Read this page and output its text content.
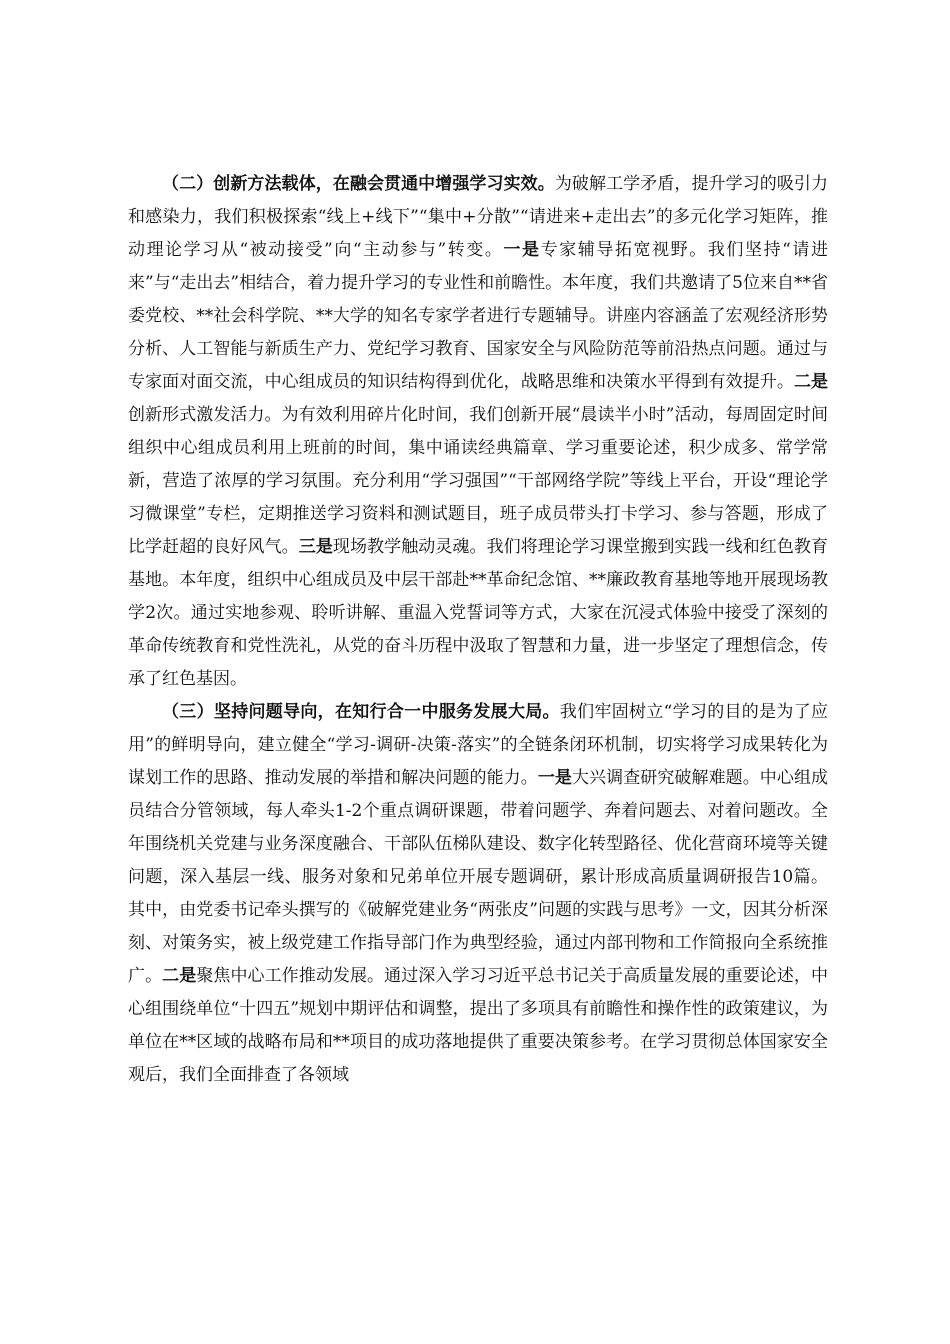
（二）创新方法载体，在融会贯通中增强学习实效。为破解工学矛盾，提升学习的吸引力和感染力，我们积极探索“线上+线下”“集中+分散”“请进来+走出去”的多元化学习矩阵，推动理论学习从“被动接受”向“主动参与”转变。一是专家辅导拓宽视野。我们坚持“请进来”与“走出去”相结合，着力提升学习的专业性和前瞻性。本年度，我们共邀请了5位来自**省委党校、**社会科学院、**大学的知名专家学者进行专题辅导。讲座内容涵盖了宏观经济形势分析、人工智能与新质生产力、党纪学习教育、国家安全与风险防范等前沿热点问题。通过与专家面对面交流，中心组成员的知识结构得到优化，战略思维和决策水平得到有效提升。二是创新形式激发活力。为有效利用碎片化时间，我们创新开展“晨读半小时”活动，每周固定时间组织中心组成员利用上班前的时间，集中诵读经典篇章、学习重要论述，积少成多、常学常新，营造了浓厚的学习氛围。充分利用“学习强国”“干部网络学院”等线上平台，开设“理论学习微课堂”专栏，定期推送学习资料和测试题目，班子成员带头打卡学习、参与答题，形成了比学赶超的良好风气。三是现场教学触动灵魂。我们将理论学习课堂搬到实践一线和红色教育基地。本年度，组织中心组成员及中层干部赴**革命纪念馆、**廉政教育基地等地开展现场教学2次。通过实地参观、聆听讲解、重温入党誓词等方式，大家在沉浸式体验中接受了深刻的革命传统教育和党性洗礼，从党的奋斗历程中汲取了智慧和力量，进一步坚定了理想信念，传承了红色基因。

（三）坚持问题导向，在知行合一中服务发展大局。我们牢固树立“学习的目的是为了应用”的鲜明导向，建立健全“学习-调研-决策-落实”的全链条闭环机制，切实将学习成果转化为谋划工作的思路、推动发展的举措和解决问题的能力。一是大兴调查研究破解难题。中心组成员结合分管领域，每人牵头1-2个重点调研课题，带着问题学、奔着问题去、对着问题改。全年围绕机关党建与业务深度融合、干部队伍梯队建设、数字化转型路径、优化营商环境等关键问题，深入基层一线、服务对象和兄弟单位开展专题调研，累计形成高质量调研报告10篇。其中，由党委书记牵头撰写的《破解党建业务“两张皮”问题的实践与思考》一文，因其分析深刻、对策务实，被上级党建工作指导部门作为典型经验，通过内部刊物和工作简报向全系统推广。二是聚焦中心工作推动发展。通过深入学习习近平总书记关于高质量发展的重要论述，中心组围绕单位“十四五”规划中期评估和调整，提出了多项具有前瞻性和操作性的政策建议，为单位在**区域的战略布局和**项目的成功落地提供了重要决策参考。在学习贯彻总体国家安全观后，我们全面排查了各领域
